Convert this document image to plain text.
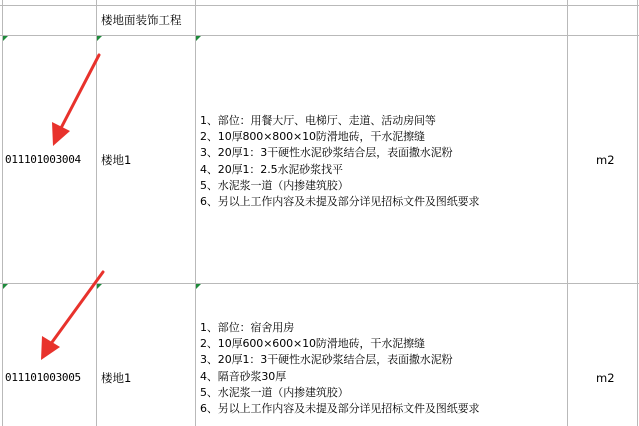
楼地面装饰工程
011101003004 楼地1	m2
1、部位：用餐大厅、电梯厅、走道、活动房间等
2、10厚800×800×10防滑地砖，干水泥擦缝
3、20厚1：3干硬性水泥砂浆结合层，表面撒水泥粉
4、20厚1：2.5水泥砂浆找平
5、水泥浆一道（内掺建筑胶）
6、另以上工作内容及未提及部分详见招标文件及图纸要求
011101003005 楼地1	m2
1、部位：宿舍用房
2、10厚600×600×10防滑地砖，干水泥擦缝
3、20厚1：3干硬性水泥砂浆结合层，表面撒水泥粉
4、隔音砂浆30厚
5、水泥浆一道（内掺建筑胶）
6、另以上工作内容及未提及部分详见招标文件及图纸要求
